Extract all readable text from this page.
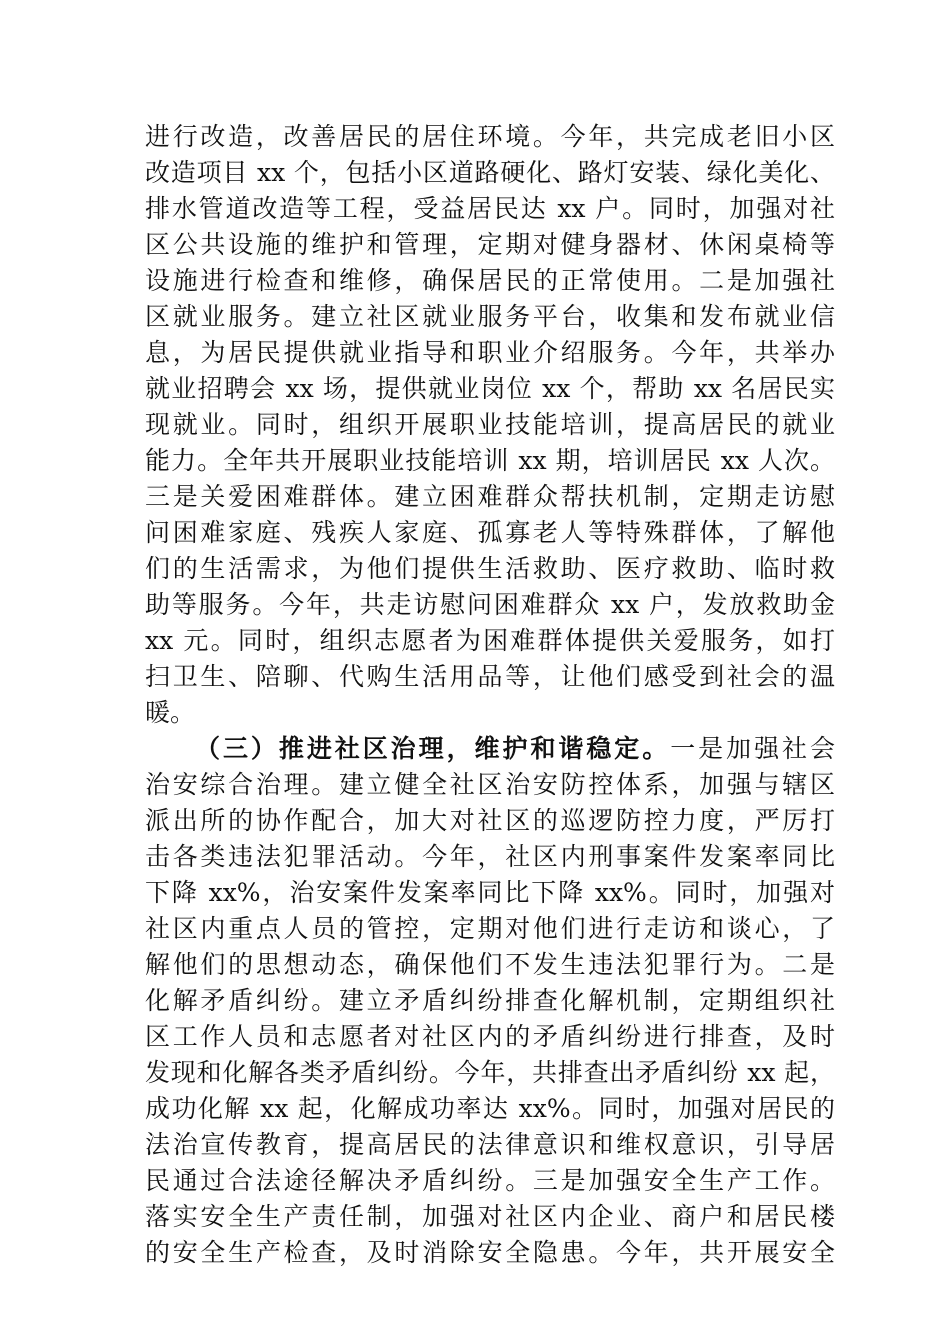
进行改造，改善居民的居住环境。今年，共完成老旧小区
改造项目 xx 个，包括小区道路硬化、路灯安装、绿化美化、
排水管道改造等工程，受益居民达 xx 户。同时，加强对社
区公共设施的维护和管理，定期对健身器材、休闲桌椅等
设施进行检查和维修，确保居民的正常使用。二是加强社
区就业服务。建立社区就业服务平台，收集和发布就业信
息，为居民提供就业指导和职业介绍服务。今年，共举办
就业招聘会 xx 场，提供就业岗位 xx 个，帮助 xx 名居民实
现就业。同时，组织开展职业技能培训，提高居民的就业
能力。全年共开展职业技能培训 xx 期，培训居民 xx 人次。
三是关爱困难群体。建立困难群众帮扶机制，定期走访慰
问困难家庭、残疾人家庭、孤寡老人等特殊群体，了解他
们的生活需求，为他们提供生活救助、医疗救助、临时救
助等服务。今年，共走访慰问困难群众 xx 户，发放救助金
xx 元。同时，组织志愿者为困难群体提供关爱服务，如打
扫卫生、陪聊、代购生活用品等，让他们感受到社会的温
暖。
（三）推进社区治理，维护和谐稳定。一是加强社会
治安综合治理。建立健全社区治安防控体系，加强与辖区
派出所的协作配合，加大对社区的巡逻防控力度，严厉打
击各类违法犯罪活动。今年，社区内刑事案件发案率同比
下降 xx%，治安案件发案率同比下降 xx%。同时，加强对
社区内重点人员的管控，定期对他们进行走访和谈心，了
解他们的思想动态，确保他们不发生违法犯罪行为。二是
化解矛盾纠纷。建立矛盾纠纷排查化解机制，定期组织社
区工作人员和志愿者对社区内的矛盾纠纷进行排查，及时
发现和化解各类矛盾纠纷。今年，共排查出矛盾纠纷 xx 起，
成功化解 xx 起，化解成功率达 xx%。同时，加强对居民的
法治宣传教育，提高居民的法律意识和维权意识，引导居
民通过合法途径解决矛盾纠纷。三是加强安全生产工作。
落实安全生产责任制，加强对社区内企业、商户和居民楼
的安全生产检查，及时消除安全隐患。今年，共开展安全
